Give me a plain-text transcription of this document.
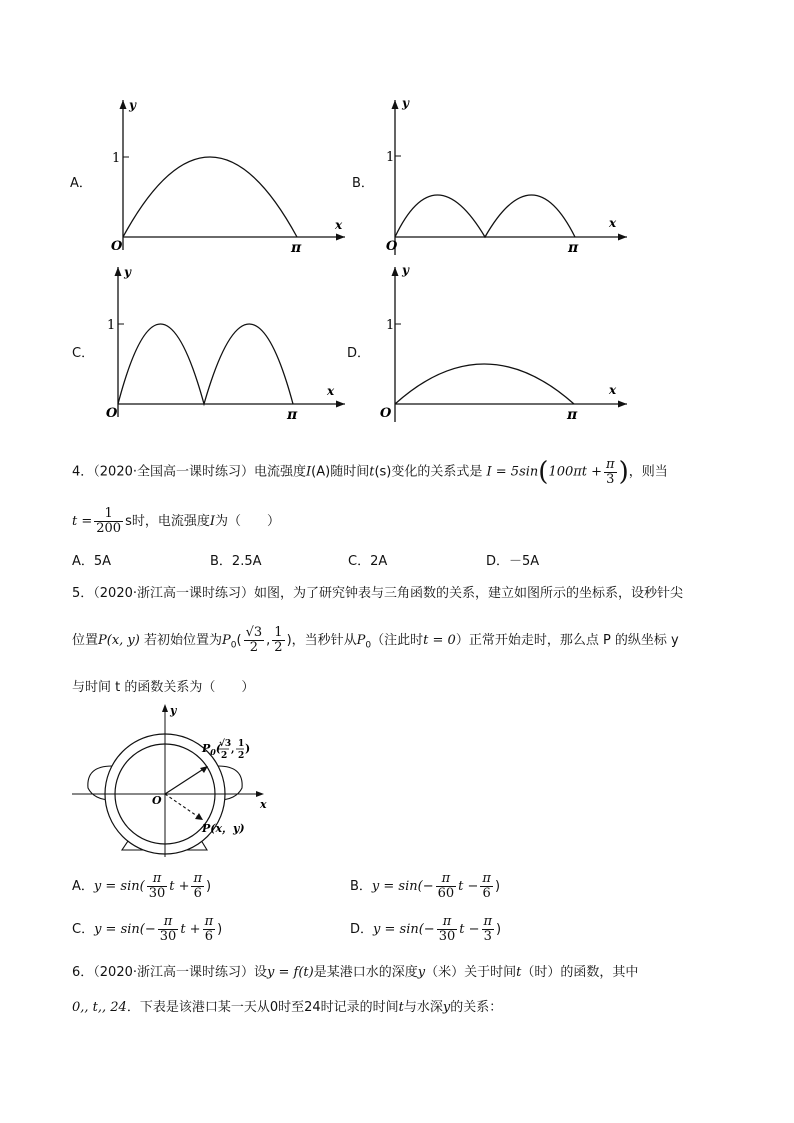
A．
y
x
O
1
π
B．
y
x
O
1
π
C．
y
x
O
1
π
D．
y
x
O
1
π
4．（2020·全国高一课时练习）电流强度I(A)随时间t(s)变化的关系式是 $I = 5\sin(100\pi t + \frac{\pi}{3}$ )，则当
$t = \frac{1}{200}$ s时，电流强度I为（　　）
A．5A	B．2.5A	C．2A	D．－5A
5．（2020·浙江高一课时练习）如图，为了研究钟表与三角函数的关系，建立如图所示的坐标系，设秒针尖
位置P(x, y) 若初始位置为$P_0( \frac{√3}{2}$ , $\frac{1}{2}$ )，当秒针从$P_0$（注此时t = 0）正常开始走时，那么点 P 的纵坐标 y
与时间 t 的函数关系为（　　）
y
x
O
$P_0$(
√3
2
, 1
2
)
P(x，y)
A．$y = \sin( \frac{\pi}{30}$ $t + \frac{\pi}{6}$ )	B．$y = \sin(- \frac{\pi}{60}$ $t - \frac{\pi}{6}$ )
C．$y = \sin(- \frac{\pi}{30}$ $t + \frac{\pi}{6}$ )	D．$y = \sin(- \frac{\pi}{30}$ $t - \frac{\pi}{3}$ )
6．（2020·浙江高一课时练习）设y = f(t)是某港口水的深度y（米）关于时间t（时）的函数，其中
0,, t,, 24．下表是该港口某一天从0时至24时记录的时间t与水深y的关系：
